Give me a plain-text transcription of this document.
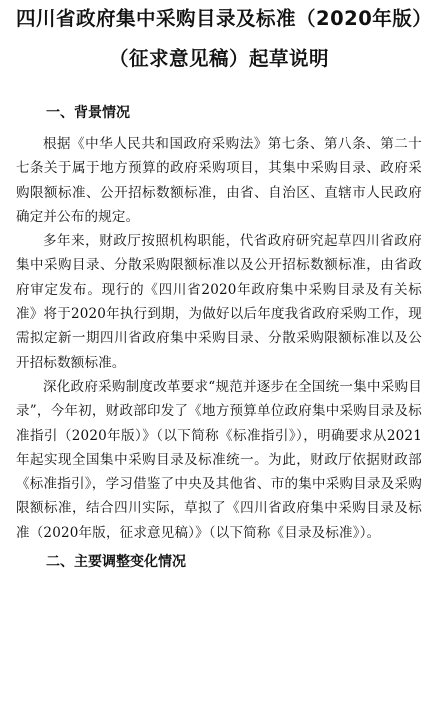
四川省政府集中采购目录及标准（2020年版）
（征求意见稿）起草说明
一、背景情况

根据《中华人民共和国政府采购法》第七条、第八条、第二十七条关于属于地方预算的政府采购项目，其集中采购目录、政府采购限额标准、公开招标数额标准，由省、自治区、直辖市人民政府确定并公布的规定。

多年来，财政厅按照机构职能，代省政府研究起草四川省政府集中采购目录、分散采购限额标准以及公开招标数额标准，由省政府审定发布。现行的《四川省2020年政府集中采购目录及有关标准》将于2020年执行到期，为做好以后年度我省政府采购工作，现需拟定新一期四川省政府集中采购目录、分散采购限额标准以及公开招标数额标准。

深化政府采购制度改革要求“规范并逐步在全国统一集中采购目录”，今年初，财政部印发了《地方预算单位政府集中采购目录及标准指引（2020年版）》（以下简称《标准指引》），明确要求从2021年起实现全国集中采购目录及标准统一。为此，财政厅依据财政部《标准指引》，学习借鉴了中央及其他省、市的集中采购目录及采购限额标准，结合四川实际，草拟了《四川省政府集中采购目录及标准（2020年版，征求意见稿）》（以下简称《目录及标准》）。

二、主要调整变化情况
